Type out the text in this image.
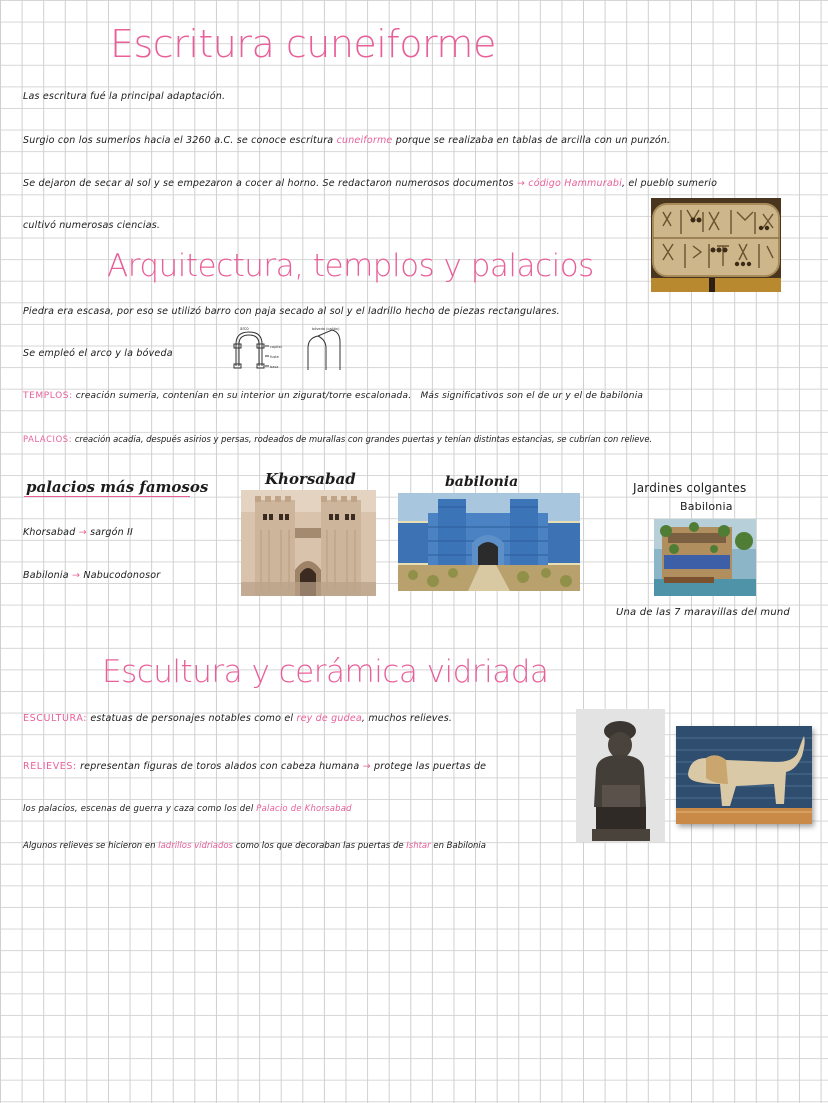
Escritura cuneiforme
Las escritura fué la principal adaptación.
Surgio con los sumerios hacia el 3260 a.C. se conoce escritura cuneiforme porque se realizaba en tablas de arcilla con un punzón.
Se dejaron de secar al sol y se empezaron a cocer al horno. Se redactaron numerosos documentos → código Hammurabi, el pueblo sumerio
cultivó numerosas ciencias.
Arquitectura, templos y palacios
Piedra era escasa, por eso se utilizó barro con paja secado al sol y el ladrillo hecho de piezas rectangulares.
Se empleó el arco y la bóveda
arco
capitel
fuste
basa
bóveda (cañón)
TEMPLOS: creación sumeria, contenían en su interior un zigurat/torre escalonada. Más significativos son el de ur y el de babilonia
PALACIOS: creación acadia, después asirios y persas, rodeados de murallas con grandes puertas y tenían distintas estancias, se cubrían con relieve.
palacios más famosos
Khorsabad → sargón II
Babilonia → Nabucodonosor
Khorsabad	babilonia	Jardines colgantes
Babilonia
Una de las 7 maravillas del mund
Escultura y cerámica vidriada
ESCULTURA: estatuas de personajes notables como el rey de gudea, muchos relieves.
RELIEVES: representan figuras de toros alados con cabeza humana → protege las puertas de
los palacios, escenas de guerra y caza como los del Palacio de Khorsabad
Algunos relieves se hicieron en ladrillos vidriados como los que decoraban las puertas de Ishtar en Babilonia
